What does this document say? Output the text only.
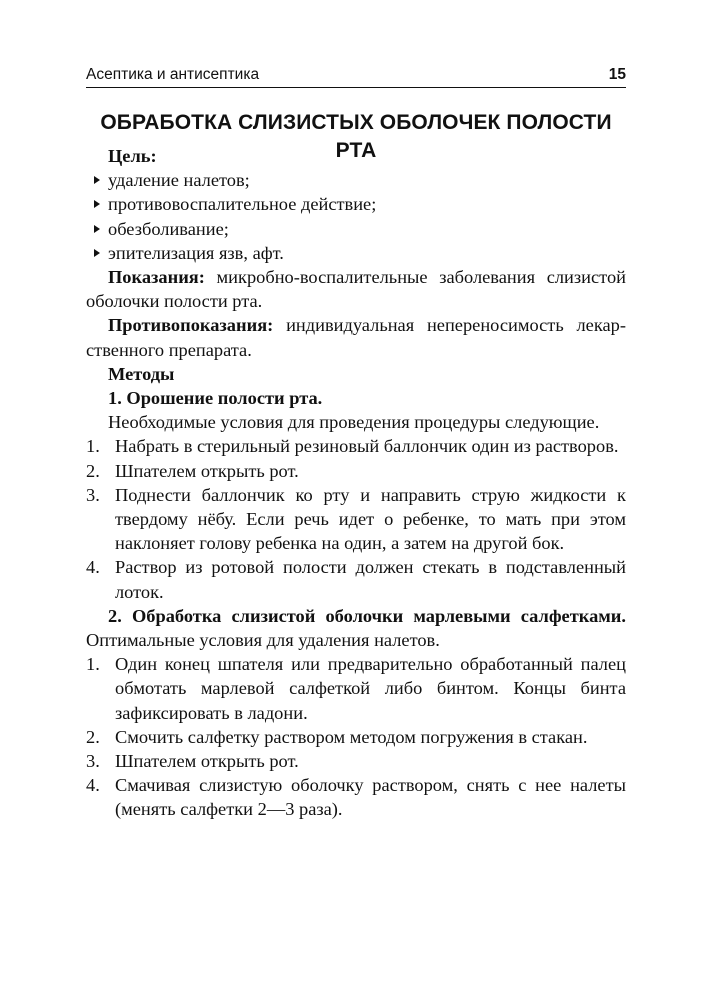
Асептика и антисептика	15
ОБРАБОТКА СЛИЗИСТЫХ ОБОЛОЧЕК ПОЛОСТИ РТА

Цель:

удаление налетов;
противовоспалительное действие;
обезболивание;
эпителизация язв, афт.

Показания: микробно-воспалительные заболевания слизистой оболочки полости рта.

Противопоказания: индивидуальная непереносимость лекарственного препарата.

Методы

1. Орошение полости рта.

Необходимые условия для проведения процедуры следующие.

1. Набрать в стерильный резиновый баллончик один из растворов.
2. Шпателем открыть рот.
3. Поднести баллончик ко рту и направить струю жидкости к твердому нёбу. Если речь идет о ребенке, то мать при этом наклоняет голову ребенка на один, а затем на другой бок.
4. Раствор из ротовой полости должен стекать в подставленный лоток.

2. Обработка слизистой оболочки марлевыми салфетками. Оптимальные условия для удаления налетов.

1. Один конец шпателя или предварительно обработанный палец обмотать марлевой салфеткой либо бинтом. Концы бинта зафиксировать в ладони.
2. Смочить салфетку раствором методом погружения в стакан.
3. Шпателем открыть рот.
4. Смачивая слизистую оболочку раствором, снять с нее налеты (менять салфетки 2—3 раза).
